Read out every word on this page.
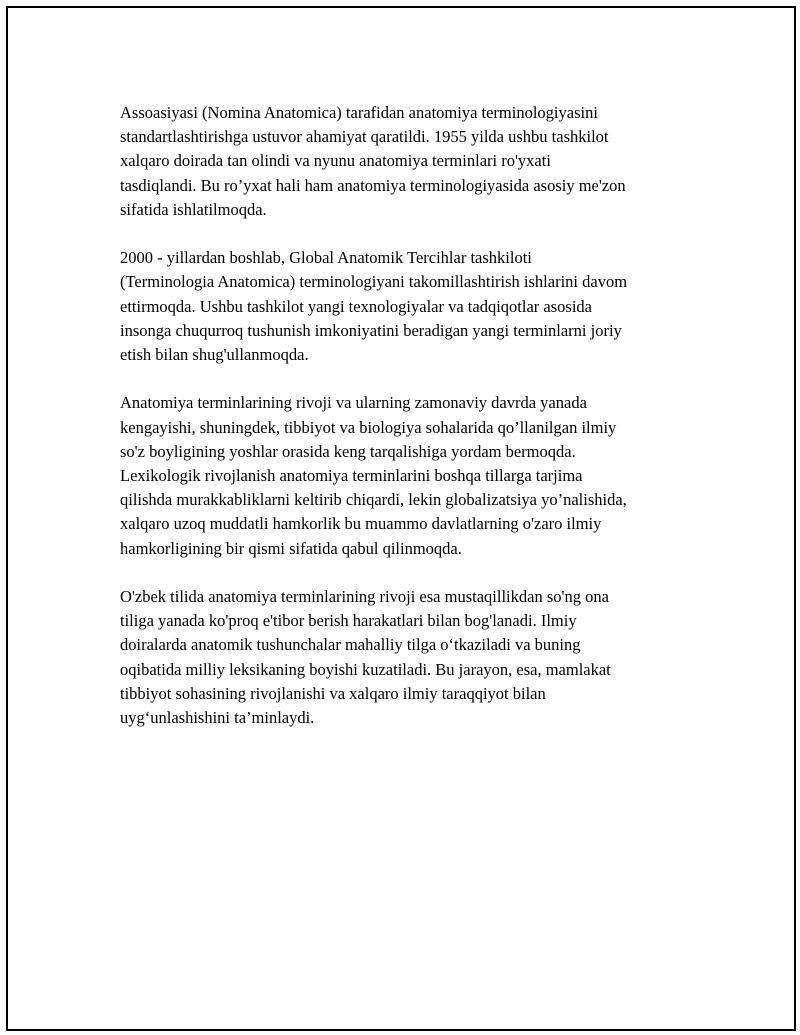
Assoasiyasi (Nomina Anatomica) tarafidan anatomiya terminologiyasini
standartlashtirishga ustuvor ahamiyat qaratildi. 1955 yilda ushbu tashkilot
xalqaro doirada tan olindi va nyunu anatomiya terminlari ro'yxati
tasdiqlandi. Bu ro’yxat hali ham anatomiya terminologiyasida asosiy me'zon
sifatida ishlatilmoqda.

2000 - yillardan boshlab, Global Anatomik Tercihlar tashkiloti
(Terminologia Anatomica) terminologiyani takomillashtirish ishlarini davom
ettirmoqda. Ushbu tashkilot yangi texnologiyalar va tadqiqotlar asosida
insonga chuqurroq tushunish imkoniyatini beradigan yangi terminlarni joriy
etish bilan shug'ullanmoqda.

Anatomiya terminlarining rivoji va ularning zamonaviy davrda yanada
kengayishi, shuningdek, tibbiyot va biologiya sohalarida qo’llanilgan ilmiy
so'z boyligining yoshlar orasida keng tarqalishiga yordam bermoqda.
Lexikologik rivojlanish anatomiya terminlarini boshqa tillarga tarjima
qilishda murakkabliklarni keltirib chiqardi, lekin globalizatsiya yo’nalishida,
xalqaro uzoq muddatli hamkorlik bu muammo davlatlarning o'zaro ilmiy
hamkorligining bir qismi sifatida qabul qilinmoqda.

O'zbek tilida anatomiya terminlarining rivoji esa mustaqillikdan so'ng ona
tiliga yanada ko'proq e'tibor berish harakatlari bilan bog'lanadi. Ilmiy
doiralarda anatomik tushunchalar mahalliy tilga o‘tkaziladi va buning
oqibatida milliy leksikaning boyishi kuzatiladi. Bu jarayon, esa, mamlakat
tibbiyot sohasining rivojlanishi va xalqaro ilmiy taraqqiyot bilan
uyg‘unlashishini ta’minlaydi.
